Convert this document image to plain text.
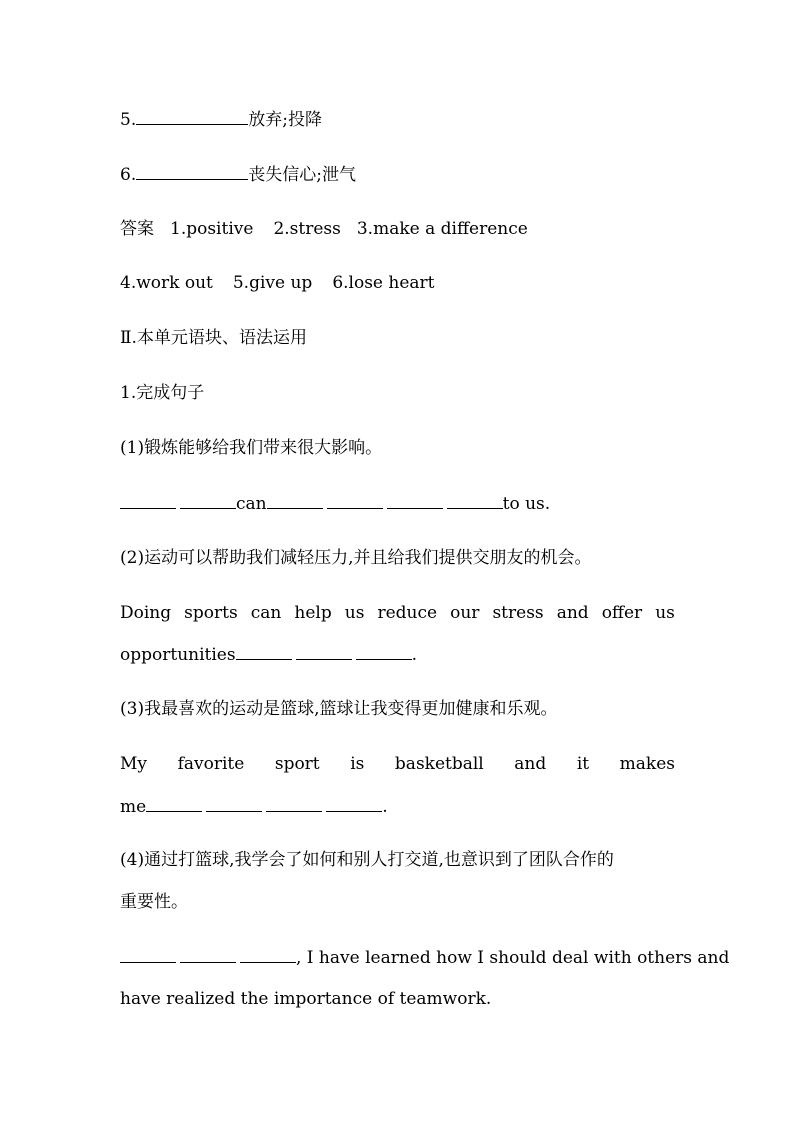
5.	放弃;投降
6.	丧失信心;泄气
答案 1.positive 2.stress 3.make a difference
4.work out 5.give up 6.lose heart
Ⅱ.本单元语块、语法运用
1.完成句子
(1)锻炼能够给我们带来很大影响。
can	to us.
(2)运动可以帮助我们减轻压力,并且给我们提供交朋友的机会。
Doing sports can help us reduce our stress and offer us
opportunities	.
(3)我最喜欢的运动是篮球,篮球让我变得更加健康和乐观。
My favorite sport is basketball and it makes
me	.
(4)通过打篮球,我学会了如何和别人打交道,也意识到了团队合作的
重要性。
, I have learned how I should deal with others and
have realized the importance of teamwork.
